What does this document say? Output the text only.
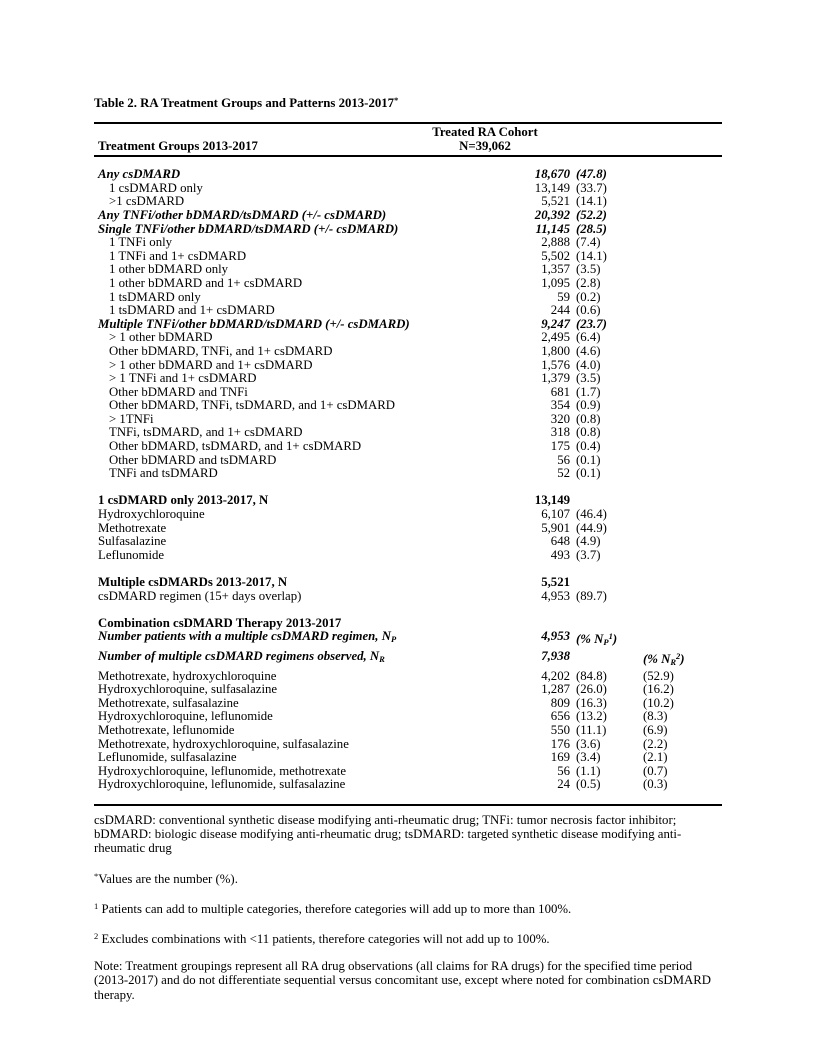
Table 2. RA Treatment Groups and Patterns 2013-2017*
Treatment Groups 2013-2017
Treated RA Cohort
N=39,062
Any csDMARD	18,670 (47.8)
1 csDMARD only	13,149 (33.7)
>1 csDMARD	5,521 (14.1)
Any TNFi/other bDMARD/tsDMARD (+/- csDMARD)	20,392 (52.2)
Single TNFi/other bDMARD/tsDMARD (+/- csDMARD)	11,145 (28.5)
1 TNFi only	2,888 (7.4)
1 TNFi and 1+ csDMARD	5,502 (14.1)
1 other bDMARD only	1,357 (3.5)
1 other bDMARD and 1+ csDMARD	1,095 (2.8)
1 tsDMARD only	59 (0.2)
1 tsDMARD and 1+ csDMARD	244 (0.6)
Multiple TNFi/other bDMARD/tsDMARD (+/- csDMARD)	9,247 (23.7)
> 1 other bDMARD	2,495 (6.4)
Other bDMARD, TNFi, and 1+ csDMARD	1,800 (4.6)
> 1 other bDMARD and 1+ csDMARD	1,576 (4.0)
> 1 TNFi and 1+ csDMARD	1,379 (3.5)
Other bDMARD and TNFi	681 (1.7)
Other bDMARD, TNFi, tsDMARD, and 1+ csDMARD	354 (0.9)
> 1TNFi	320 (0.8)
TNFi, tsDMARD, and 1+ csDMARD	318 (0.8)
Other bDMARD, tsDMARD, and 1+ csDMARD	175 (0.4)
Other bDMARD and tsDMARD	56 (0.1)
TNFi and tsDMARD	52 (0.1)
1 csDMARD only 2013-2017, N	13,149
Hydroxychloroquine	6,107 (46.4)
Methotrexate	5,901 (44.9)
Sulfasalazine	648 (4.9)
Leflunomide	493 (3.7)
Multiple csDMARDs 2013-2017, N	5,521
csDMARD regimen (15+ days overlap)	4,953 (89.7)
Combination csDMARD Therapy 2013-2017
Number patients with a multiple csDMARD regimen, $N_P$	4,953 (% $N_P^1$)
Number of multiple csDMARD regimens observed, $N_R$	7,938	(% $N_R^2$)
Methotrexate, hydroxychloroquine	4,202 (84.8)	(52.9)
Hydroxychloroquine, sulfasalazine	1,287 (26.0)	(16.2)
Methotrexate, sulfasalazine	809 (16.3)	(10.2)
Hydroxychloroquine, leflunomide	656 (13.2)	(8.3)
Methotrexate, leflunomide	550 (11.1)	(6.9)
Methotrexate, hydroxychloroquine, sulfasalazine	176 (3.6)	(2.2)
Leflunomide, sulfasalazine	169 (3.4)	(2.1)
Hydroxychloroquine, leflunomide, methotrexate	56 (1.1)	(0.7)
Hydroxychloroquine, leflunomide, sulfasalazine	24 (0.5)	(0.3)

csDMARD: conventional synthetic disease modifying anti-rheumatic drug; TNFi: tumor necrosis factor inhibitor; bDMARD: biologic disease modifying anti-rheumatic drug; tsDMARD: targeted synthetic disease modifying anti-rheumatic drug

*Values are the number (%).

$^1$ Patients can add to multiple categories, therefore categories will add up to more than 100%.

$^2$ Excludes combinations with <11 patients, therefore categories will not add up to 100%.

Note: Treatment groupings represent all RA drug observations (all claims for RA drugs) for the specified time period (2013-2017) and do not differentiate sequential versus concomitant use, except where noted for combination csDMARD therapy.
